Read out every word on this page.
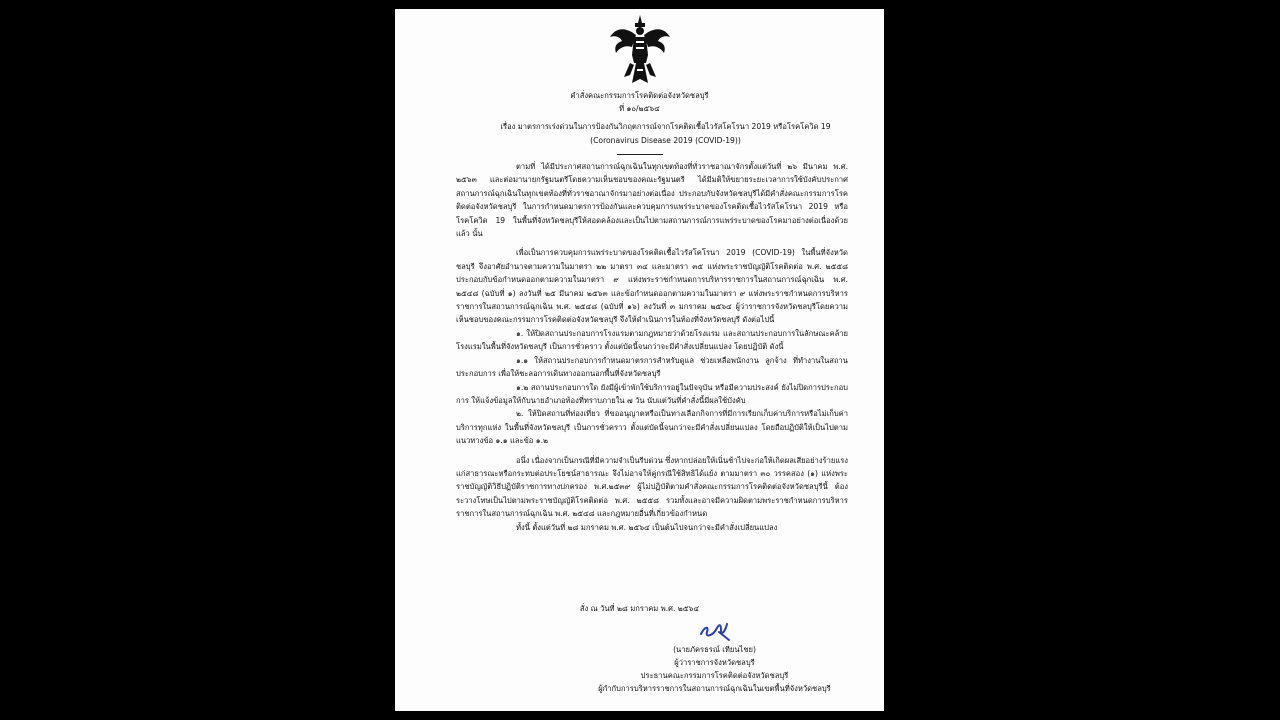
คำสั่งคณะกรรมการโรคติดต่อจังหวัดชลบุรี
ที่ ๑๐/๒๕๖๔
เรื่อง มาตรการเร่งด่วนในการป้องกันวิกฤตการณ์จากโรคติดเชื้อไวรัสโคโรนา 2019 หรือโรคโควิด 19
(Coronavirus Disease 2019 (COVID-19))

ตามที่ ได้มีประกาศสถานการณ์ฉุกเฉินในทุกเขตท้องที่ทั่วราชอาณาจักรตั้งแต่วันที่ ๒๖ มีนาคม พ.ศ. ๒๕๖๓ และต่อมานายกรัฐมนตรีโดยความเห็นชอบของคณะรัฐมนตรี ได้มีมติให้ขยายระยะเวลาการใช้บังคับประกาศสถานการณ์ฉุกเฉินในทุกเขตท้องที่ทั่วราชอาณาจักรมาอย่างต่อเนื่อง ประกอบกับจังหวัดชลบุรีได้มีคำสั่งคณะกรรมการโรคติดต่อจังหวัดชลบุรี ในการกำหนดมาตรการป้องกันและควบคุมการแพร่ระบาดของโรคติดเชื้อไวรัสโคโรนา 2019 หรือโรคโควิด 19 ในพื้นที่จังหวัดชลบุรีให้สอดคล้องและเป็นไปตามสถานการณ์การแพร่ระบาดของโรคมาอย่างต่อเนื่องด้วยแล้ว นั้น

เพื่อเป็นการควบคุมการแพร่ระบาดของโรคติดเชื้อไวรัสโคโรนา 2019 (COVID-19) ในพื้นที่จังหวัดชลบุรี จึงอาศัยอำนาจตามความในมาตรา ๒๒ มาตรา ๓๔ และมาตรา ๓๕ แห่งพระราชบัญญัติโรคติดต่อ พ.ศ. ๒๕๕๘ ประกอบกับข้อกำหนดออกตามความในมาตรา ๙ แห่งพระราชกำหนดการบริหารราชการในสถานการณ์ฉุกเฉิน พ.ศ. ๒๕๔๘ (ฉบับที่ ๑) ลงวันที่ ๒๕ มีนาคม ๒๕๖๓ และข้อกำหนดออกตามความในมาตรา ๙ แห่งพระราชกำหนดการบริหารราชการในสถานการณ์ฉุกเฉิน พ.ศ. ๒๕๔๘ (ฉบับที่ ๑๖) ลงวันที่ ๓ มกราคม ๒๕๖๔ ผู้ว่าราชการจังหวัดชลบุรีโดยความเห็นชอบของคณะกรรมการโรคติดต่อจังหวัดชลบุรี จึงให้ดำเนินการในท้องที่จังหวัดชลบุรี ดังต่อไปนี้

๑. ให้ปิดสถานประกอบการโรงแรมตามกฎหมายว่าด้วยโรงแรม และสถานประกอบการในลักษณะคล้ายโรงแรมในพื้นที่จังหวัดชลบุรี เป็นการชั่วคราว ตั้งแต่บัดนี้จนกว่าจะมีคำสั่งเปลี่ยนแปลง โดยปฏิบัติ ดังนี้

๑.๑ ให้สถานประกอบการกำหนดมาตรการสำหรับดูแล ช่วยเหลือพนักงาน ลูกจ้าง ที่ทำงานในสถานประกอบการ เพื่อให้ชะลอการเดินทางออกนอกพื้นที่จังหวัดชลบุรี

๑.๒ สถานประกอบการใด ยังมีผู้เข้าพักใช้บริการอยู่ในปัจจุบัน หรือมีความประสงค์ ยังไม่ปิดการประกอบการ ให้แจ้งข้อมูลให้กับนายอำเภอท้องที่ทราบภายใน ๗ วัน นับแต่วันที่คำสั่งนี้มีผลใช้บังคับ

๒. ให้ปิดสถานที่ท่องเที่ยว ที่ขออนุญาตหรือเป็นทางเลือกกิจการที่มีการเรียกเก็บค่าบริการหรือไม่เก็บค่าบริการทุกแห่ง ในพื้นที่จังหวัดชลบุรี เป็นการชั่วคราว ตั้งแต่บัดนี้จนกว่าจะมีคำสั่งเปลี่ยนแปลง โดยถือปฏิบัติให้เป็นไปตามแนวทางข้อ ๑.๑ และข้อ ๑.๒

อนึ่ง เนื่องจากเป็นกรณีที่มีความจำเป็นรีบด่วน ซึ่งหากปล่อยให้เนิ่นช้าไปจะก่อให้เกิดผลเสียอย่างร้ายแรงแก่สาธารณะหรือกระทบต่อประโยชน์สาธารณะ จึงไม่อาจให้คู่กรณีใช้สิทธิได้แย้ง ตามมาตรา ๓๐ วรรคสอง (๑) แห่งพระราชบัญญัติวิธีปฏิบัติราชการทางปกครอง พ.ศ.๒๕๓๙ ผู้ไม่ปฏิบัติตามคำสั่งคณะกรรมการโรคติดต่อจังหวัดชลบุรีนี้ ต้องระวางโทษเป็นไปตามพระราชบัญญัติโรคติดต่อ พ.ศ. ๒๕๕๘ รวมทั้งและอาจมีความผิดตามพระราชกำหนดการบริหารราชการในสถานการณ์ฉุกเฉิน พ.ศ. ๒๕๔๘ และกฎหมายอื่นที่เกี่ยวข้องกำหนด

ทั้งนี้ ตั้งแต่วันที่ ๒๘ มกราคม พ.ศ. ๒๕๖๔ เป็นต้นไปจนกว่าจะมีคำสั่งเปลี่ยนแปลง

สั่ง ณ วันที่ ๒๘ มกราคม พ.ศ. ๒๕๖๔
(นายภัครธรณ์ เทียนไชย)
ผู้ว่าราชการจังหวัดชลบุรี
ประธานคณะกรรมการโรคติดต่อจังหวัดชลบุรี
ผู้กำกับการบริหารราชการในสถานการณ์ฉุกเฉินในเขตพื้นที่จังหวัดชลบุรี
